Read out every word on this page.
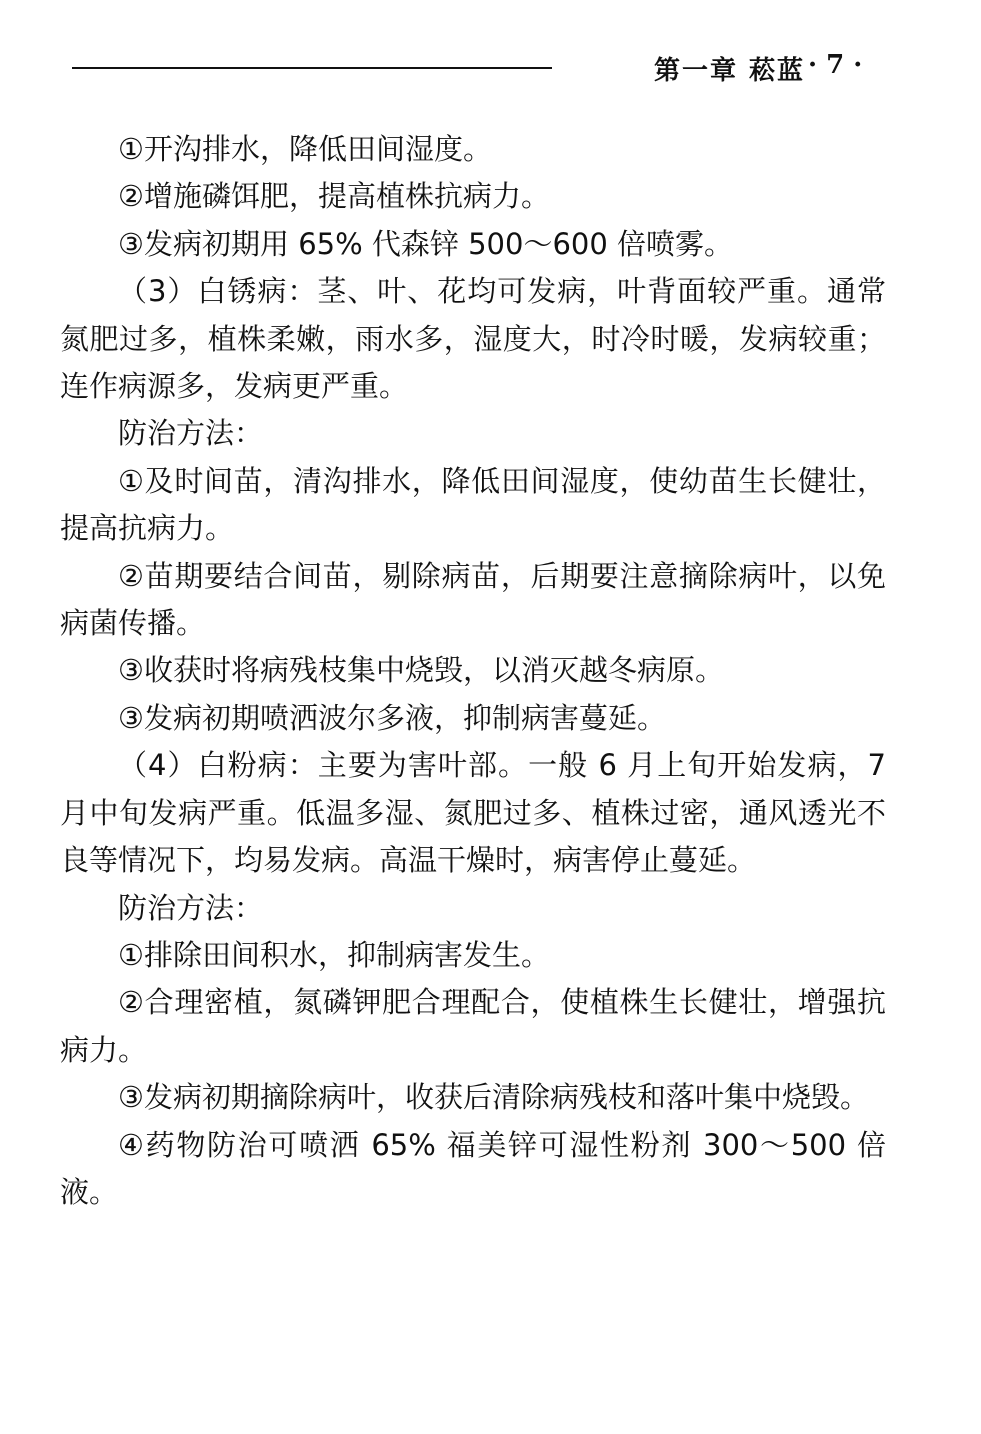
第一章 菘蓝 · 7 ·

①开沟排水，降低田间湿度。

②增施磷饵肥，提高植株抗病力。

③发病初期用 65% 代森锌 500～600 倍喷雾。

（3）白锈病：茎、叶、花均可发病，叶背面较严重。通常氮肥过多，植株柔嫩，雨水多，湿度大，时冷时暖，发病较重；连作病源多，发病更严重。

防治方法：

①及时间苗，清沟排水，降低田间湿度，使幼苗生长健壮，提高抗病力。

②苗期要结合间苗，剔除病苗，后期要注意摘除病叶，以免病菌传播。

③收获时将病残枝集中烧毁，以消灭越冬病原。

③发病初期喷洒波尔多液，抑制病害蔓延。

（4）白粉病：主要为害叶部。一般 6 月上旬开始发病，7 月中旬发病严重。低温多湿、氮肥过多、植株过密，通风透光不良等情况下，均易发病。高温干燥时，病害停止蔓延。

防治方法：

①排除田间积水，抑制病害发生。

②合理密植，氮磷钾肥合理配合，使植株生长健壮，增强抗病力。

③发病初期摘除病叶，收获后清除病残枝和落叶集中烧毁。

④药物防治可喷洒 65% 福美锌可湿性粉剂 300～500 倍液。
